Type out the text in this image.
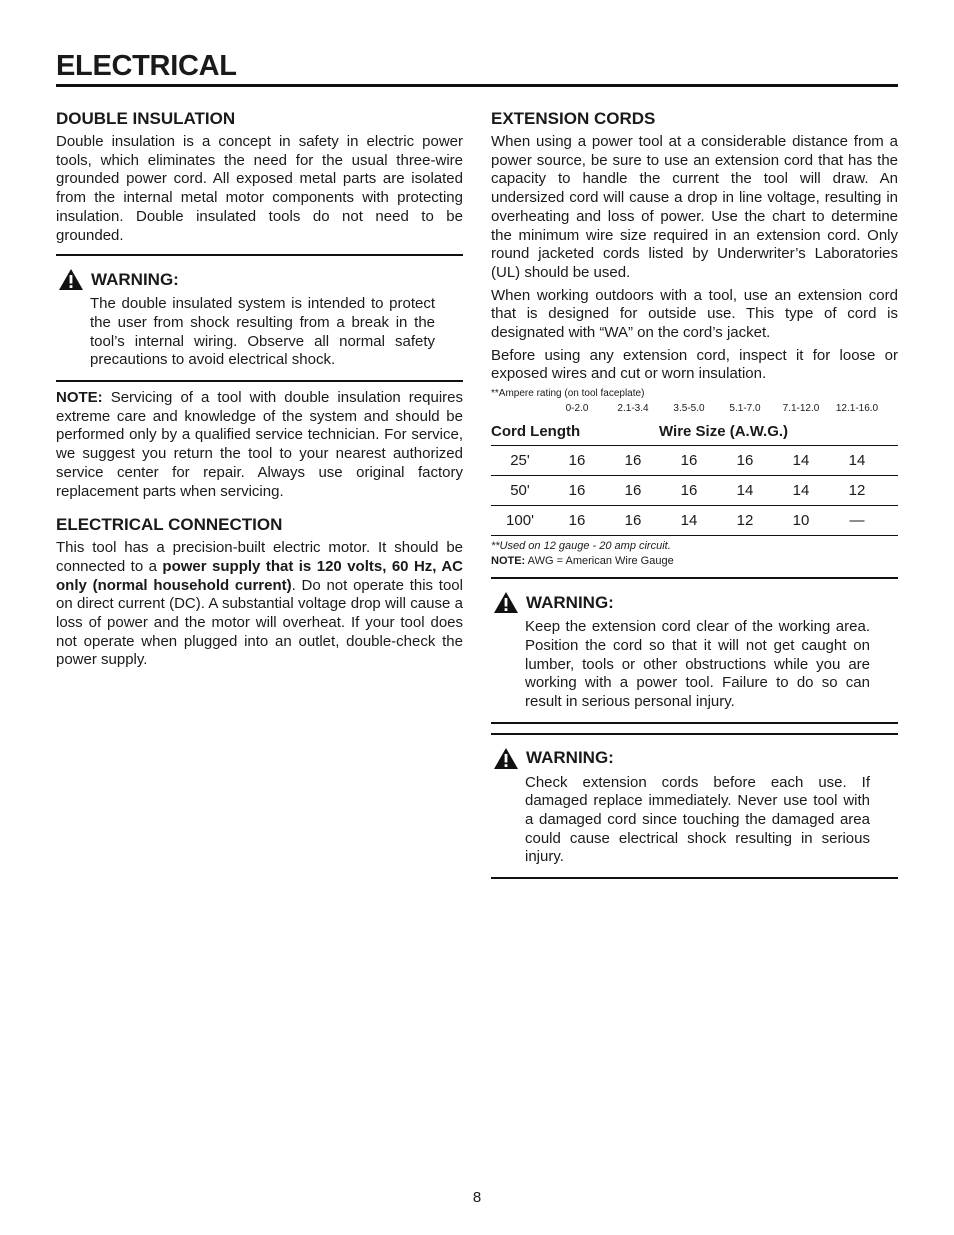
ELECTRICAL
DOUBLE INSULATION

Double insulation is a concept in safety in electric power tools, which eliminates the need for the usual three-wire grounded power cord. All exposed metal parts are isolated from the internal metal motor components with protecting insulation. Double insulated tools do not need to be grounded.

WARNING:

The double insulated system is intended to protect the user from shock resulting from a break in the tool’s internal wiring. Observe all normal safety precautions to avoid electrical shock.

NOTE: Servicing of a tool with double insulation requires extreme care and knowledge of the system and should be performed only by a qualified service technician. For service, we suggest you return the tool to your nearest authorized service center for repair. Always use original factory replacement parts when servicing.

ELECTRICAL CONNECTION

This tool has a precision-built electric motor. It should be connected to a power supply that is 120 volts, 60 Hz, AC only (normal household current). Do not operate this tool on direct current (DC). A substantial voltage drop will cause a loss of power and the motor will overheat. If your tool does not operate when plugged into an outlet, double-check the power supply.

EXTENSION CORDS

When using a power tool at a considerable distance from a power source, be sure to use an extension cord that has the capacity to handle the current the tool will draw. An undersized cord will cause a drop in line voltage, resulting in overheating and loss of power. Use the chart to determine the minimum wire size required in an extension cord. Only round jacketed cords listed by Underwriter’s Laboratories (UL) should be used.

When working outdoors with a tool, use an extension cord that is designed for outside use. This type of cord is designated with “WA” on the cord’s jacket.

Before using any extension cord, inspect it for loose or exposed wires and cut or worn insulation.

**Ampere rating (on tool faceplate)
0-2.0	2.1-3.4	3.5-5.0	5.1-7.0	7.1-12.0	12.1-16.0
Cord Length	Wire Size (A.W.G.)
25'	16	16	16	16	14	14
50'	16	16	16	14	14	12
100'	16	16	14	12	10	—
**Used on 12 gauge - 20 amp circuit.
NOTE: AWG = American Wire Gauge
WARNING:

Keep the extension cord clear of the working area. Position the cord so that it will not get caught on lumber, tools or other obstructions while you are working with a power tool. Failure to do so can result in serious personal injury.

WARNING:

Check extension cords before each use. If damaged replace immediately. Never use tool with a damaged cord since touching the damaged area could cause electrical shock resulting in serious injury.

8
